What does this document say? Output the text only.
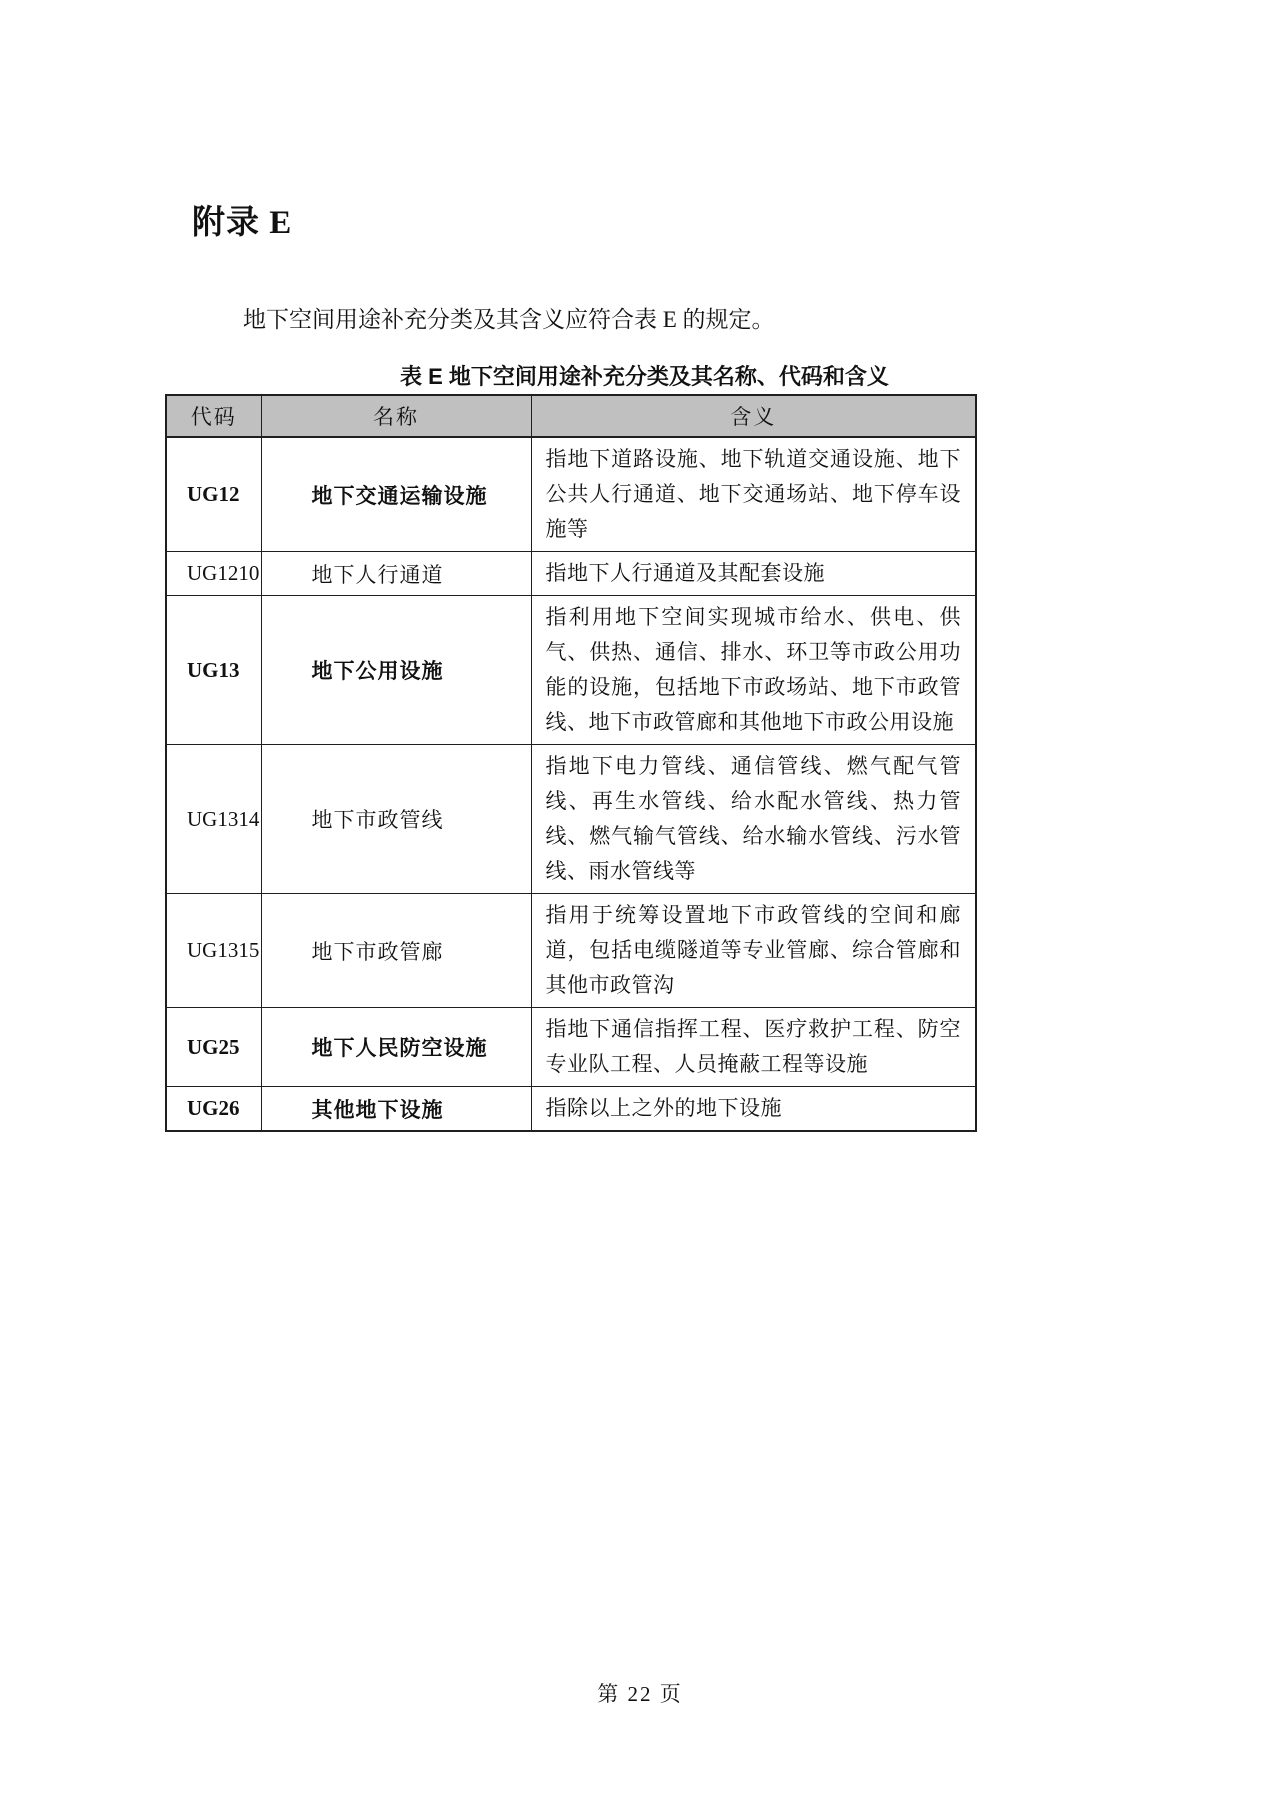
附录 E
地下空间用途补充分类及其含义应符合表 E 的规定。
表 E 地下空间用途补充分类及其名称、代码和含义
代码	名称	含义
UG12	地下交通运输设施	指地下道路设施、地下轨道交通设施、地下公共人行通道、地下交通场站、地下停车设施等
UG1210	地下人行通道	指地下人行通道及其配套设施
UG13	地下公用设施	指利用地下空间实现城市给水、供电、供气、供热、通信、排水、环卫等市政公用功能的设施，包括地下市政场站、地下市政管线、地下市政管廊和其他地下市政公用设施
UG1314	地下市政管线	指地下电力管线、通信管线、燃气配气管线、再生水管线、给水配水管线、热力管线、燃气输气管线、给水输水管线、污水管线、雨水管线等
UG1315	地下市政管廊	指用于统筹设置地下市政管线的空间和廊道，包括电缆隧道等专业管廊、综合管廊和其他市政管沟
UG25	地下人民防空设施	指地下通信指挥工程、医疗救护工程、防空专业队工程、人员掩蔽工程等设施
UG26	其他地下设施	指除以上之外的地下设施
第 22 页
